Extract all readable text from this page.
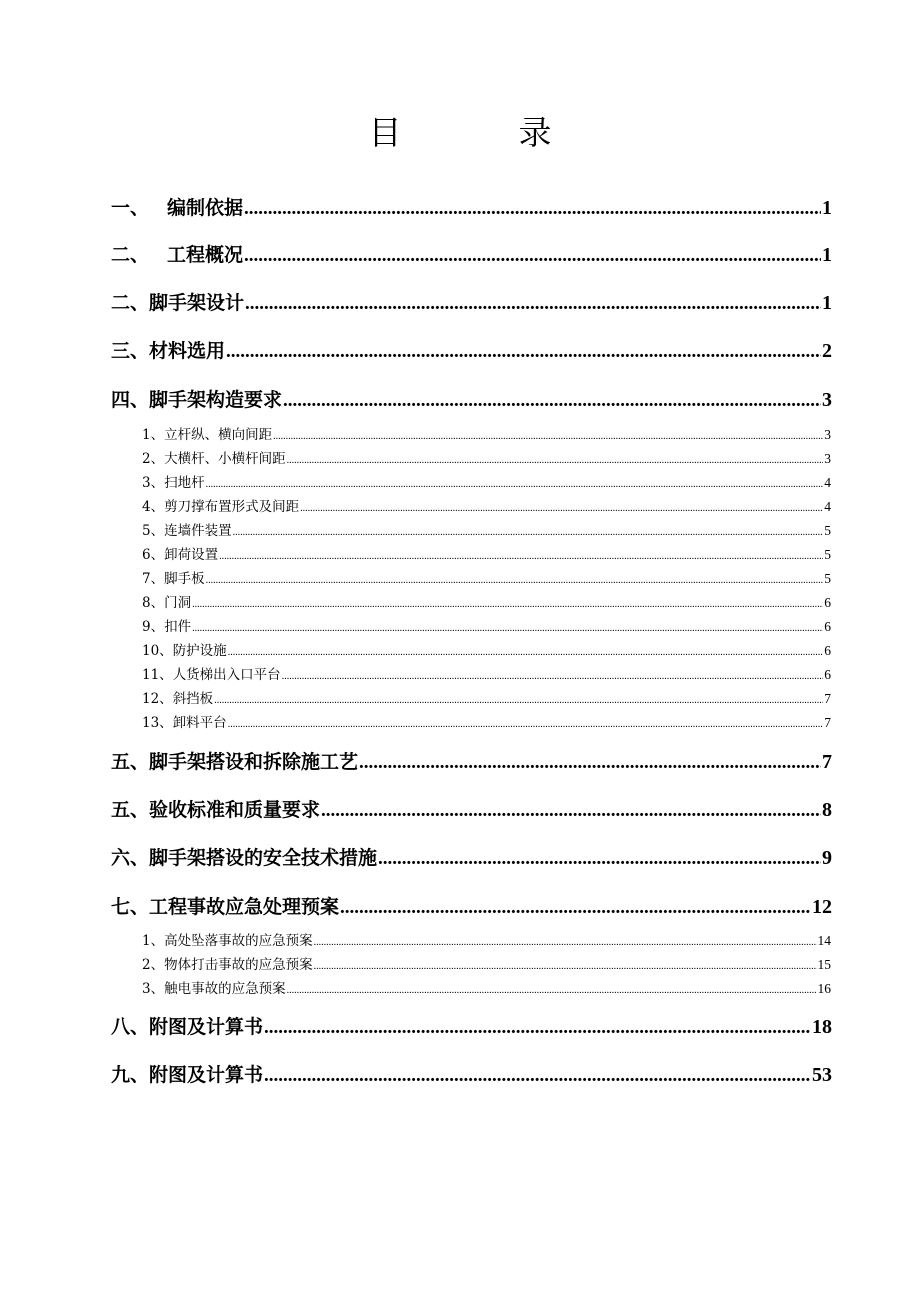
目　录
一、 编制依据 .....	1
二、 工程概况 .....	1
二、 脚手架设计 .....	1
三、 材料选用 .....	2
四、 脚手架构造要求 .....	3
1、 立杆纵、横向间距 .....	3
2、 大横杆、小横杆间距 .....	3
3、 扫地杆 .....	4
4、 剪刀撑布置形式及间距 .....	4
5、 连墙件装置 .....	5
6、 卸荷设置 .....	5
7、 脚手板 .....	5
8、 门洞 .....	6
9、 扣件 .....	6
10、 防护设施 .....	6
11、 人货梯出入口平台 .....	6
12、 斜挡板 .....	7
13、 卸料平台 .....	7
五、 脚手架搭设和拆除施工艺 .....	7
五、 验收标准和质量要求 .....	8
六、 脚手架搭设的安全技术措施 .....	9
七、 工程事故应急处理预案 .....	12
1、 高处坠落事故的应急预案 .....	14
2、 物体打击事故的应急预案 .....	15
3、 触电事故的应急预案 .....	16
八、 附图及计算书 .....	18
九、 附图及计算书 .....	53
